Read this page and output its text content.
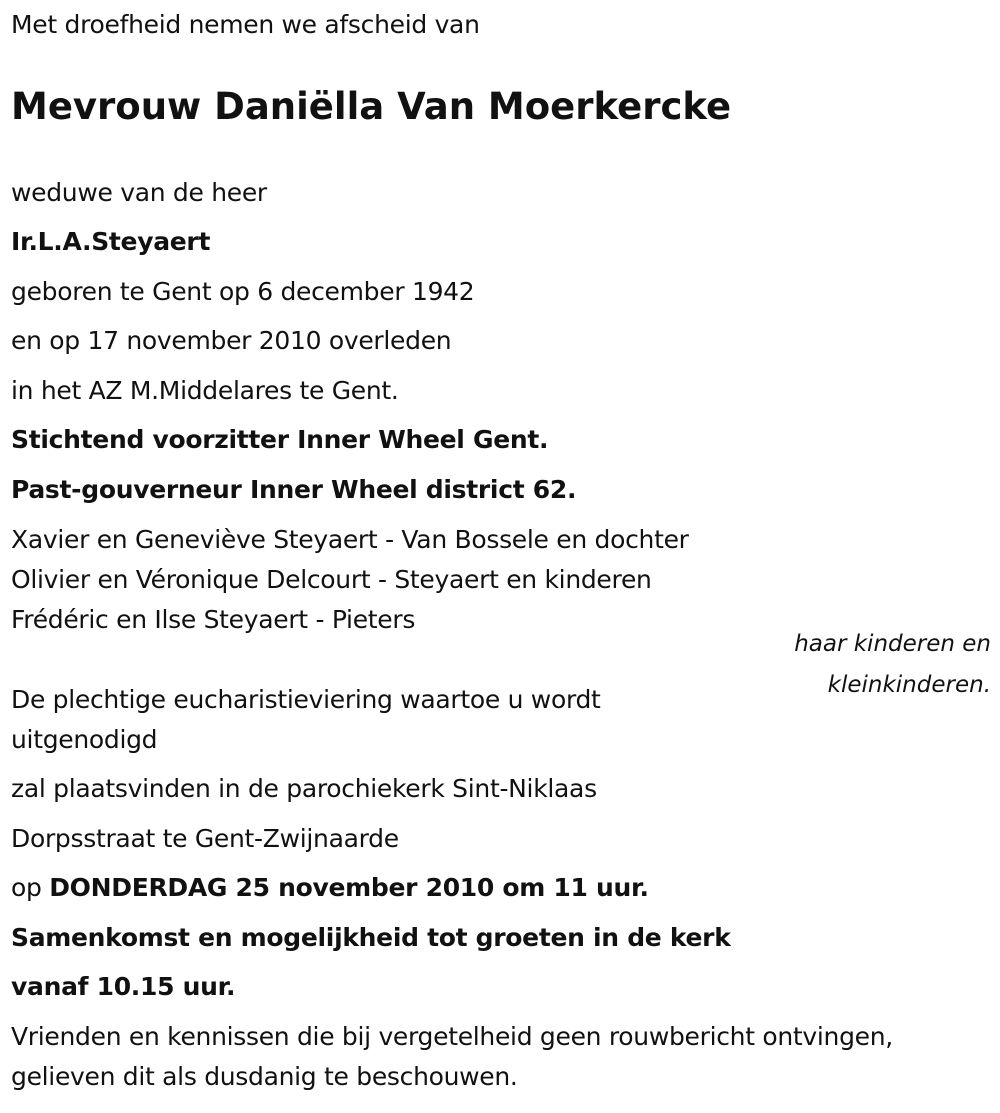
Met droefheid nemen we afscheid van
Mevrouw Daniëlla Van Moerkercke
weduwe van de heer
Ir.L.A.Steyaert
geboren te Gent op 6 december 1942
en op 17 november 2010 overleden
in het AZ M.Middelares te Gent.
Stichtend voorzitter Inner Wheel Gent.
Past-gouverneur Inner Wheel district 62.
Xavier en Geneviève Steyaert - Van Bossele en dochter
Olivier en Véronique Delcourt - Steyaert en kinderen
Frédéric en Ilse Steyaert - Pieters
haar kinderen en
kleinkinderen.
De plechtige eucharistieviering waartoe u wordt
uitgenodigd
zal plaatsvinden in de parochiekerk Sint-Niklaas
Dorpsstraat te Gent-Zwijnaarde
op DONDERDAG 25 november 2010 om 11 uur.
Samenkomst en mogelijkheid tot groeten in de kerk
vanaf 10.15 uur.
Vrienden en kennissen die bij vergetelheid geen rouwbericht ontvingen,
gelieven dit als dusdanig te beschouwen.
